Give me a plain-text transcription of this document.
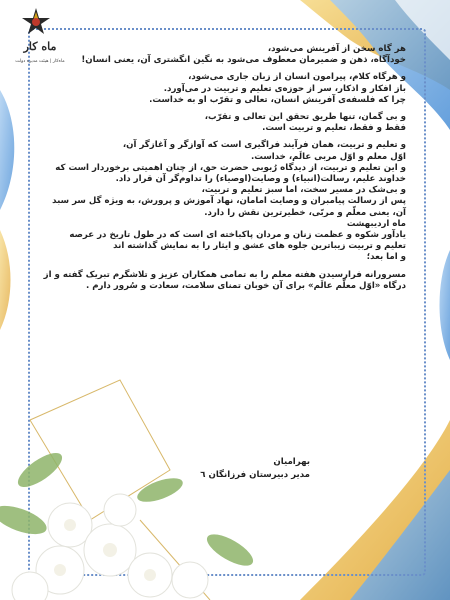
ماه‌ کار
ماه‌کار | هیئت‌ مدیره‌ دولت
هر گاه سخن از آفرینش می‌شود،
خودآگاه، ذهن و ضمیرمان معطوف می‌شود به نگین انگشتری آن، یعنی انسان!
و هرگاه کلام، پیرامون انسان از زبان جاری می‌شود،
باز افکار و اذکار، سر از حوزه‌ی تعلیم و تربیت در می‌آورد.
چرا که فلسفه‌ی آفرینش انسان، تعالی و تقرّب او به خداست.
و بی گمان، تنها طریق تحقق این تعالی و تقرّب،
فقط و فقط، تعلیم و تربیت است.
و تعلیم و تربیت، همان فرآیند فراگیری است که آوازگر و آغازگر آن،
اوّل معلم و اوّل مربی عالَم، خداست.
و این تعلیم و تربیت، از دیدگاه رُبوبی حضرت حق، از چنان اهمیتی برخوردار است که
خداوند علیم، رسالت(انبیاء) و وصایت(اوصیاء) را تداوم‌گر آن قرار داد.
و بی‌شک در مسیر سخت، اما سبز تعلیم و تربیت،
پس از رسالت پیامبران و وصایت امامان، نهاد آموزش و پرورش، به ویژه گل سر سبد
آن، یعنی معلّم و مربّی، خطیرترین نقش را دارد.
ماه اردیبهشت
یادآور شکوه و عظمت زنان و مردان پاکباخته ای است که در طول تاریخ در عرصه
تعلیم و تربیت زیباترین جلوه های عشق و ایثار را به نمایش گذاشته اند
و اما بعد؛
مسرورانه فرارسیدن هفته معلم را به تمامی همکاران عزیز و تلاشگرم تبریک گفته و از
درگاه «اوّل معلّم عالَم» برای آن خوبان تمنای سلامت، سعادت و سُرور دارم .
بهرامیان
مدیر دبیرستان فرزانگان ٦
